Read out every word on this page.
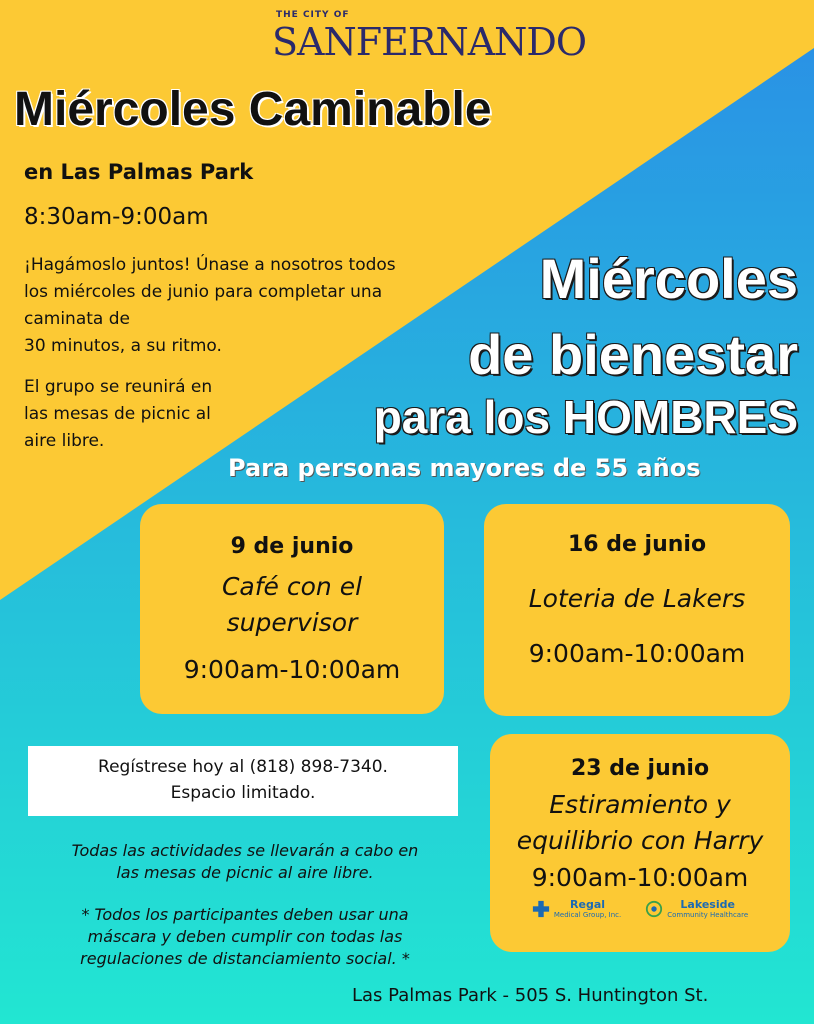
THE CITY OF
SANFERNANDO
Miércoles Caminable
en Las Palmas Park
8:30am-9:00am
¡Hagámoslo juntos! Únase a nosotros todos
los miércoles de junio para completar una
caminata de
30 minutos, a su ritmo.
El grupo se reunirá en
las mesas de picnic al
aire libre.
Miércoles
de bienestar
para los HOMBRES
Para personas mayores de 55 años
9 de junio
Café con el
supervisor
9:00am-10:00am
16 de junio
Loteria de Lakers
9:00am-10:00am
23 de junio
Estiramiento y
equilibrio con Harry
9:00am-10:00am
Regal
Medical Group, Inc.
Lakeside
Community Healthcare
Regístrese hoy al (818) 898-7340.
Espacio limitado.
Todas las actividades se llevarán a cabo en
las mesas de picnic al aire libre.
* Todos los participantes deben usar una
máscara y deben cumplir con todas las
regulaciones de distanciamiento social. *
Las Palmas Park - 505 S. Huntington St.
